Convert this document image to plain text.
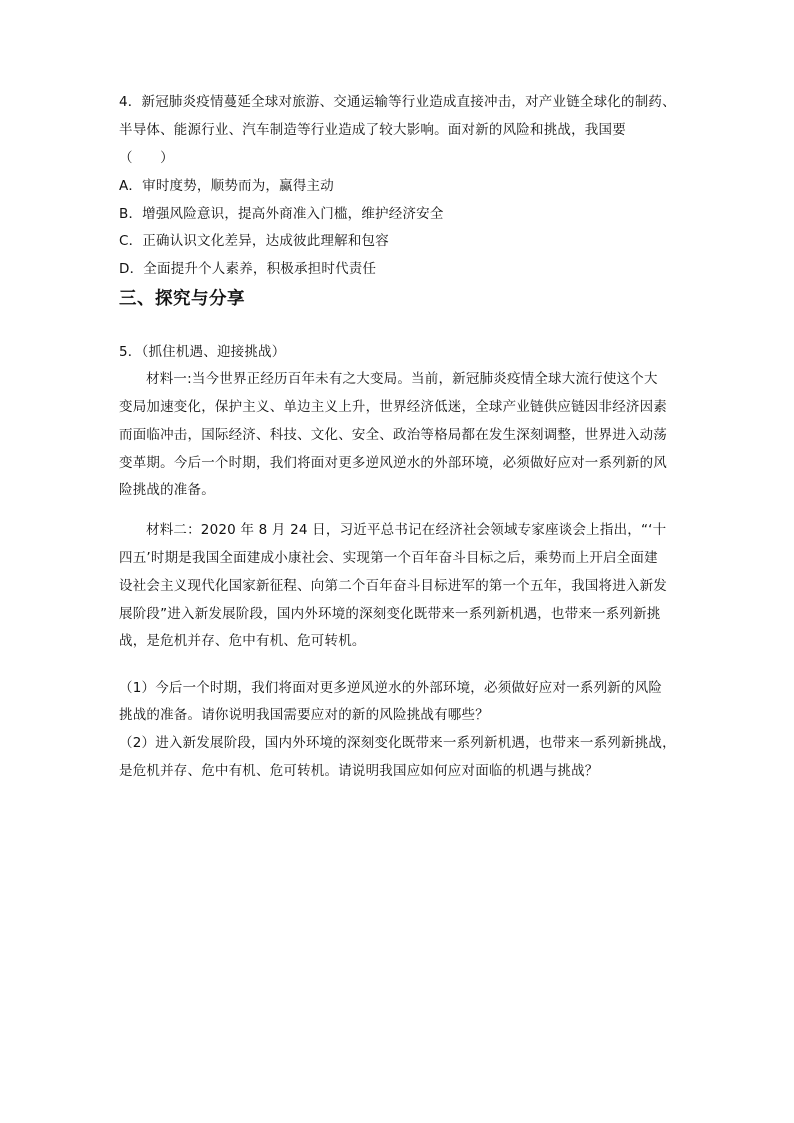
4．新冠肺炎疫情蔓延全球对旅游、交通运输等行业造成直接冲击，对产业链全球化的制药、
半导体、能源行业、汽车制造等行业造成了较大影响。面对新的风险和挑战，我国要
（　　）
A．审时度势，顺势而为，赢得主动
B．增强风险意识，提高外商准入门槛，维护经济安全
C．正确认识文化差异，达成彼此理解和包容
D．全面提升个人素养，积极承担时代责任
三、探究与分享
5．（抓住机遇、迎接挑战）
材料一:当今世界正经历百年未有之大变局。当前，新冠肺炎疫情全球大流行使这个大
变局加速变化，保护主义、单边主义上升，世界经济低迷，全球产业链供应链因非经济因素
而面临冲击，国际经济、科技、文化、安全、政治等格局都在发生深刻调整，世界进入动荡
变革期。今后一个时期，我们将面对更多逆风逆水的外部环境，必须做好应对一系列新的风
险挑战的准备。
材料二：2020 年 8 月 24 日，习近平总书记在经济社会领域专家座谈会上指出，“‘十
四五’时期是我国全面建成小康社会、实现第一个百年奋斗目标之后，乘势而上开启全面建
设社会主义现代化国家新征程、向第二个百年奋斗目标进军的第一个五年，我国将进入新发
展阶段”进入新发展阶段，国内外环境的深刻变化既带来一系列新机遇，也带来一系列新挑
战，是危机并存、危中有机、危可转机。
（1）今后一个时期，我们将面对更多逆风逆水的外部环境，必须做好应对一系列新的风险
挑战的准备。请你说明我国需要应对的新的风险挑战有哪些？
（2）进入新发展阶段，国内外环境的深刻变化既带来一系列新机遇，也带来一系列新挑战，
是危机并存、危中有机、危可转机。请说明我国应如何应对面临的机遇与挑战？
